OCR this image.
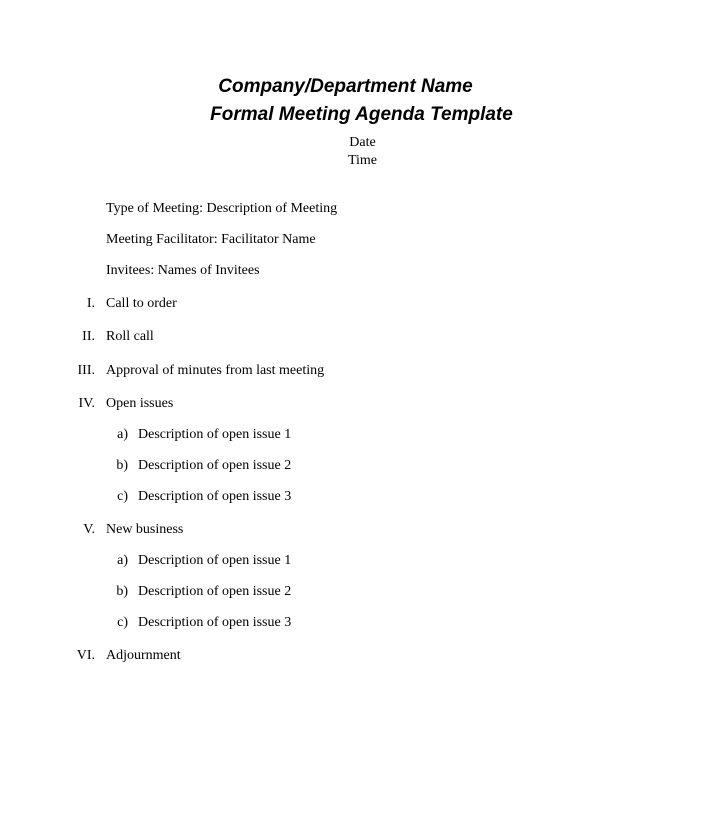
Company/Department Name
Formal Meeting Agenda Template
Date
Time
Type of Meeting: Description of Meeting
Meeting Facilitator: Facilitator Name
Invitees: Names of Invitees
I. Call to order
II. Roll call
III. Approval of minutes from last meeting
IV. Open issues
a) Description of open issue 1
b) Description of open issue 2
c) Description of open issue 3
V. New business
a) Description of open issue 1
b) Description of open issue 2
c) Description of open issue 3
VI. Adjournment
